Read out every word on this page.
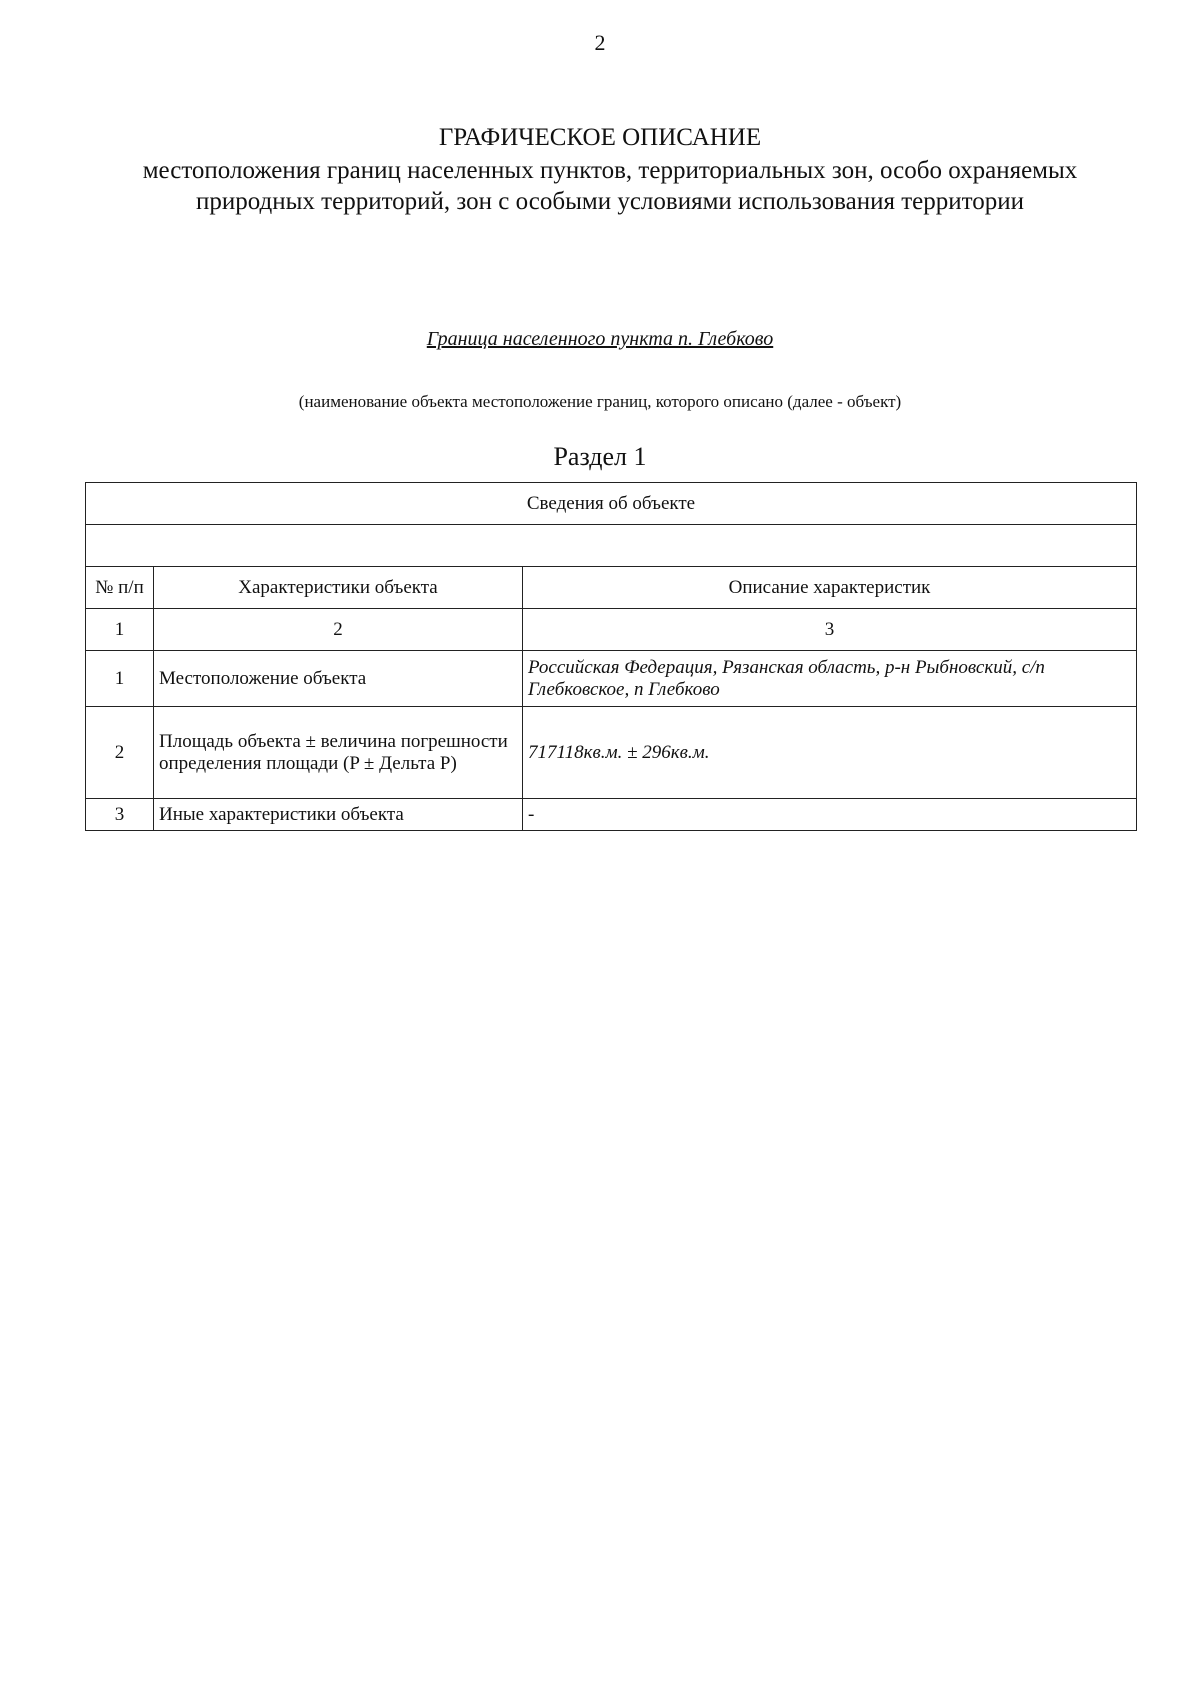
2
ГРАФИЧЕСКОЕ ОПИСАНИЕ
местоположения границ населенных пунктов, территориальных зон, особо охраняемых природных территорий, зон с особыми условиями использования территории
Граница населенного пункта п. Глебково
(наименование объекта местоположение границ, которого описано (далее - объект)
Раздел 1
Сведения об объекте		

№ п/п	Характеристики объекта	Описание характеристик
1	2	3
1	Местоположение объекта	Российская Федерация, Рязанская область, р-н Рыбновский, с/п Глебковское, п Глебково
2	Площадь объекта ± величина погрешности определения площади (P ± Дельта P)	717118кв.м. ± 296кв.м.
3	Иные характеристики объекта	-
